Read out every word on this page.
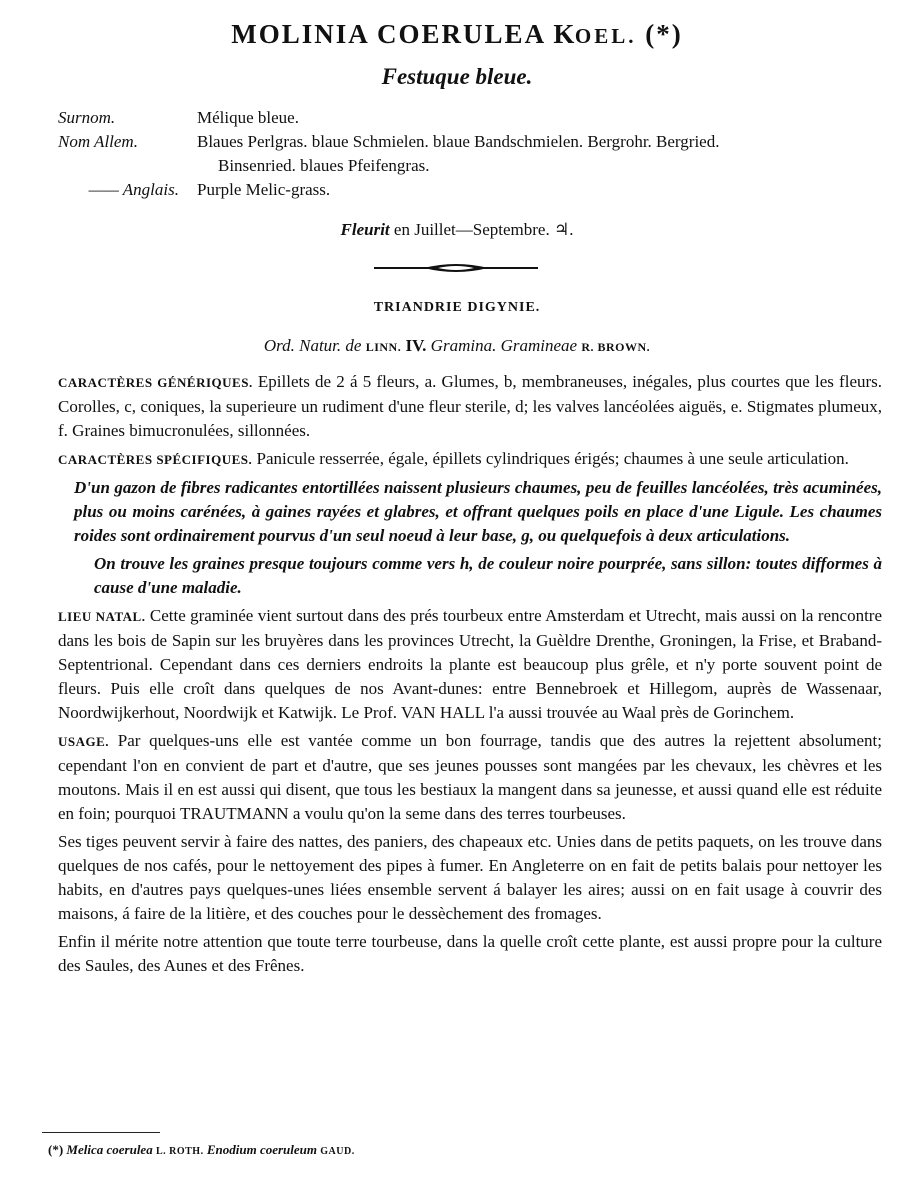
MOLINIA COERULEA KOEL. (*)
Festuque bleue.
Surnom.	Mélique bleue.
Nom Allem.	Blaues Perlgras. blaue Schmielen. blaue Bandschmielen. Bergrohr. Bergried.
Binsenried. blaues Pfeifengras.
—— Anglais.	Purple Melic-grass.
Fleurit en Juillet—Septembre. ♃.
TRIANDRIE DIGYNIE.
Ord. Natur. de LINN. IV. Gramina. Gramineae R. BROWN.

CARACTÈRES GÉNÉRIQUES. Epillets de 2 á 5 fleurs, a. Glumes, b, membraneuses, inégales, plus courtes que les fleurs. Corolles, c, coniques, la superieure un rudiment d'une fleur sterile, d; les valves lancéolées aiguës, e. Stigmates plumeux, f. Graines bimucronulées, sillonnées.

CARACTÈRES SPÉCIFIQUES. Panicule resserrée, égale, épillets cylindriques érigés; chaumes à une seule articulation.

D'un gazon de fibres radicantes entortillées naissent plusieurs chaumes, peu de feuilles lancéolées, très acuminées, plus ou moins carénées, à gaines rayées et glabres, et offrant quelques poils en place d'une Ligule. Les chaumes roides sont ordinairement pourvus d'un seul noeud à leur base, g, ou quelquefois à deux articulations.

On trouve les graines presque toujours comme vers h, de couleur noire pourprée, sans sillon: toutes difformes à cause d'une maladie.

LIEU NATAL. Cette graminée vient surtout dans des prés tourbeux entre Amsterdam et Utrecht, mais aussi on la rencontre dans les bois de Sapin sur les bruyères dans les provinces Utrecht, la Guèldre Drenthe, Groningen, la Frise, et Braband-Septentrional. Cependant dans ces derniers endroits la plante est beaucoup plus grêle, et n'y porte souvent point de fleurs. Puis elle croît dans quelques de nos Avant-dunes: entre Bennebroek et Hillegom, auprès de Wassenaar, Noordwijkerhout, Noordwijk et Katwijk. Le Prof. VAN HALL l'a aussi trouvée au Waal près de Gorinchem.

USAGE. Par quelques-uns elle est vantée comme un bon fourrage, tandis que des autres la rejettent absolument; cependant l'on en convient de part et d'autre, que ses jeunes pousses sont mangées par les chevaux, les chèvres et les moutons. Mais il en est aussi qui disent, que tous les bestiaux la mangent dans sa jeunesse, et aussi quand elle est réduite en foin; pourquoi TRAUTMANN a voulu qu'on la seme dans des terres tourbeuses.

Ses tiges peuvent servir à faire des nattes, des paniers, des chapeaux etc. Unies dans de petits paquets, on les trouve dans quelques de nos cafés, pour le nettoyement des pipes à fumer. En Angleterre on en fait de petits balais pour nettoyer les habits, en d'autres pays quelques-unes liées ensemble servent á balayer les aires; aussi on en fait usage à couvrir des maisons, á faire de la litière, et des couches pour le dessèchement des fromages.

Enfin il mérite notre attention que toute terre tourbeuse, dans la quelle croît cette plante, est aussi propre pour la culture des Saules, des Aunes et des Frênes.

(*) Melica coerulea L. ROTH. Enodium coeruleum GAUD.
